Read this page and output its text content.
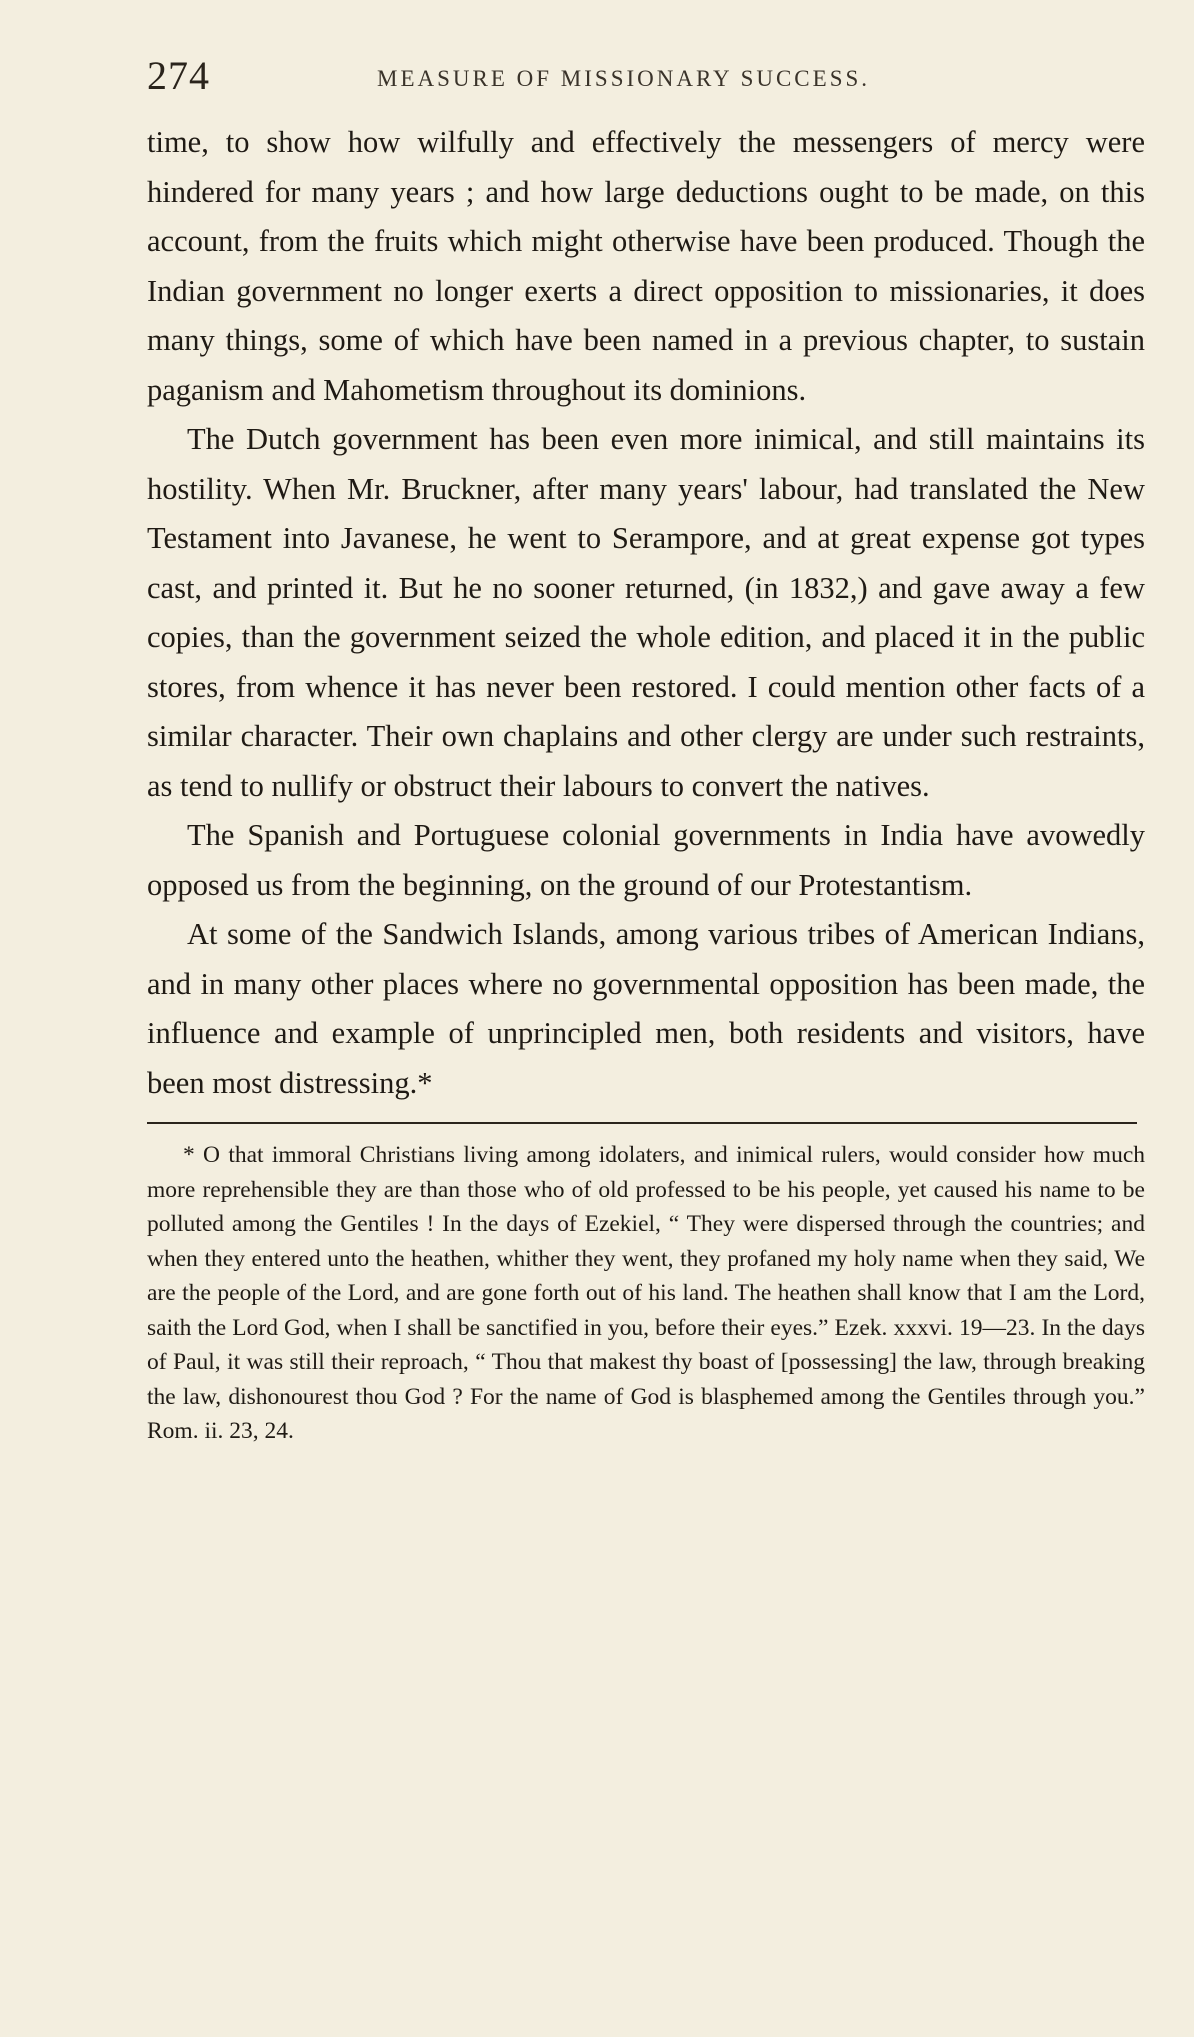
274	MEASURE OF MISSIONARY SUCCESS.

time, to show how wilfully and effectively the messengers of mercy were hindered for many years ; and how large deductions ought to be made, on this account, from the fruits which might otherwise have been produced. Though the Indian government no longer exerts a direct opposition to missionaries, it does many things, some of which have been named in a previous chapter, to sustain paganism and Mahometism throughout its dominions.

The Dutch government has been even more inimical, and still maintains its hostility. When Mr. Bruckner, after many years' labour, had translated the New Testament into Javanese, he went to Serampore, and at great expense got types cast, and printed it. But he no sooner returned, (in 1832,) and gave away a few copies, than the government seized the whole edition, and placed it in the public stores, from whence it has never been restored. I could mention other facts of a similar character. Their own chaplains and other clergy are under such restraints, as tend to nullify or obstruct their labours to convert the natives.

The Spanish and Portuguese colonial governments in India have avowedly opposed us from the beginning, on the ground of our Protestantism.

At some of the Sandwich Islands, among various tribes of American Indians, and in many other places where no governmental opposition has been made, the influence and example of unprincipled men, both residents and visitors, have been most distressing.*

* O that immoral Christians living among idolaters, and inimical rulers, would consider how much more reprehensible they are than those who of old professed to be his people, yet caused his name to be polluted among the Gentiles ! In the days of Ezekiel, “ They were dispersed through the countries; and when they entered unto the heathen, whither they went, they profaned my holy name when they said, We are the people of the Lord, and are gone forth out of his land. The heathen shall know that I am the Lord, saith the Lord God, when I shall be sanctified in you, before their eyes.” Ezek. xxxvi. 19—23. In the days of Paul, it was still their reproach, “ Thou that makest thy boast of [possessing] the law, through breaking the law, dishonourest thou God ? For the name of God is blasphemed among the Gentiles through you.” Rom. ii. 23, 24.
